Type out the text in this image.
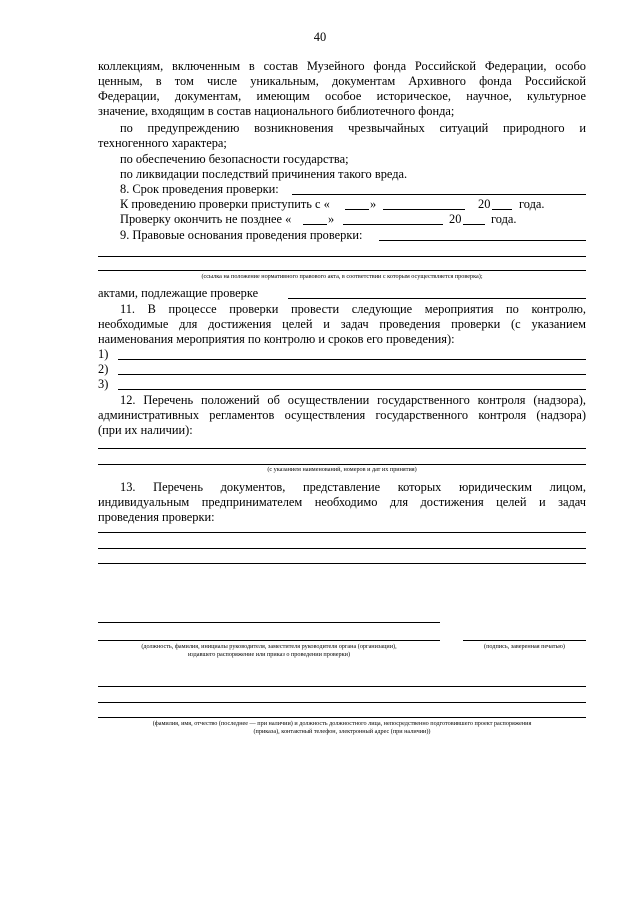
40
коллекциям, включенным в состав Музейного фонда Российской Федерации, особо
ценным, в том числе уникальным, документам Архивного фонда Российской
Федерации, документам, имеющим особое историческое, научное, культурное
значение, входящим в состав национального библиотечного фонда;
по предупреждению возникновения чрезвычайных ситуаций природного и
техногенного характера;
по обеспечению безопасности государства;
по ликвидации последствий причинения такого вреда.
8. Срок проведения проверки:
К проведению проверки приступить с «	»	20 года.
Проверку окончить не позднее «	»	20 года.
9. Правовые основания проведения проверки:
(ссылка на положение нормативного правового акта, в соответствии с которым осуществляется проверка);
актами, подлежащие проверке
11. В процессе проверки провести следующие мероприятия по контролю,
необходимые для достижения целей и задач проведения проверки (с указанием
наименования мероприятия по контролю и сроков его проведения):
1)
2)
3)
12. Перечень положений об осуществлении государственного контроля (надзора),
административных регламентов осуществления государственного контроля (надзора)
(при их наличии):
(с указанием наименований, номеров и дат их принятия)
13. Перечень документов, представление которых юридическим лицом,
индивидуальным предпринимателем необходимо для достижения целей и задач
проведения проверки:
(должность, фамилия, инициалы руководителя, заместителя руководителя органа (организации),
издавшего распоряжение или приказ о проведении проверки)
(подпись, заверенная печатью)
(фамилия, имя, отчество (последнее — при наличии) и должность должностного лица, непосредственно подготовившего проект распоряжения
(приказа), контактный телефон, электронный адрес (при наличии))
